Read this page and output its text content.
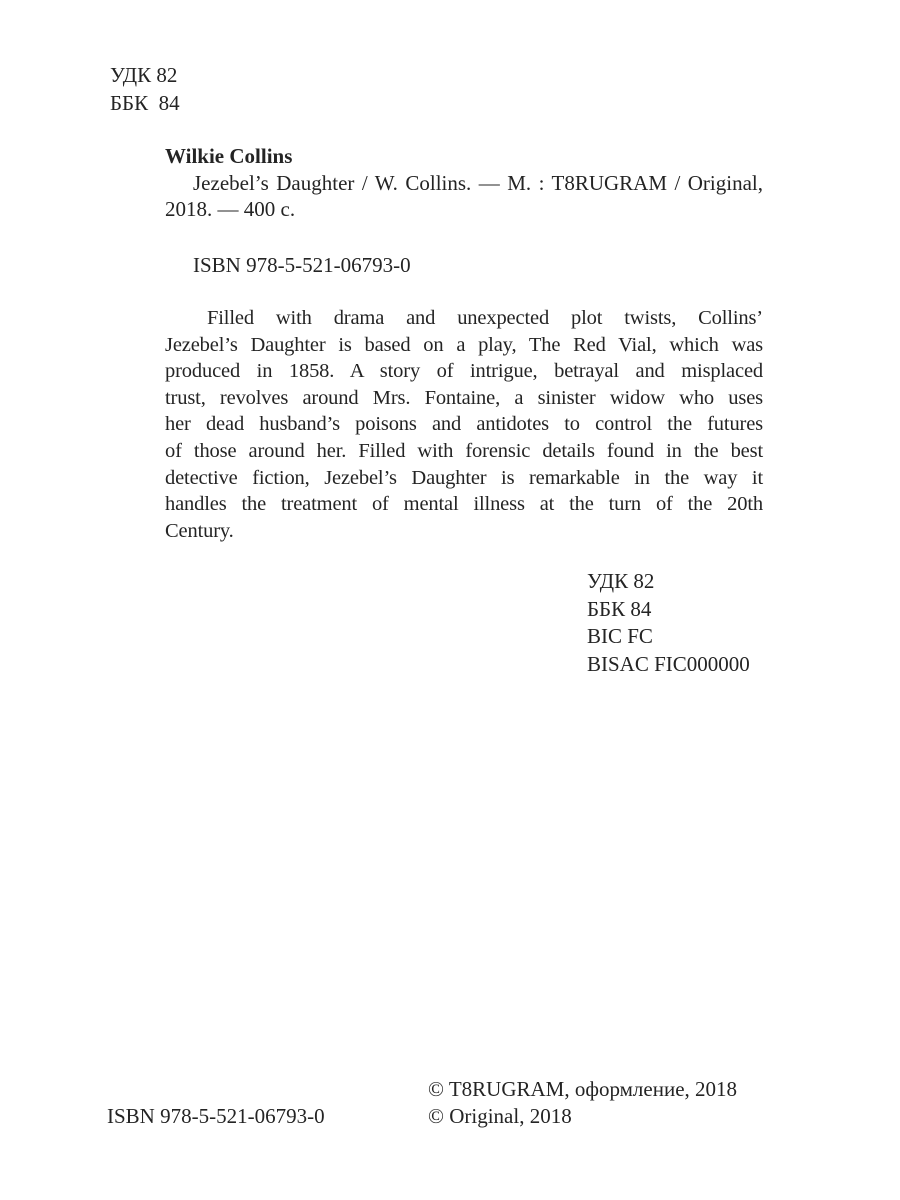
УДК 82
ББК  84
Wilkie Collins
Jezebel’s Daughter / W. Collins. — M. : T8RUGRAM / Original,
2018. — 400 с.
ISBN 978-5-521-06793-0
Filled with drama and unexpected plot twists, Collins’
Jezebel’s Daughter is based on a play, The Red Vial, which was
produced in 1858. A story of intrigue, betrayal and misplaced
trust, revolves around Mrs. Fontaine, a sinister widow who uses
her dead husband’s poisons and antidotes to control the futures
of those around her. Filled with forensic details found in the best
detective fiction, Jezebel’s Daughter is remarkable in the way it
handles the treatment of mental illness at the turn of the 20th
Century.
УДК 82
ББК 84
BIC FC
BISAC FIC000000
© T8RUGRAM, оформление, 2018
© Original, 2018
ISBN 978-5-521-06793-0
